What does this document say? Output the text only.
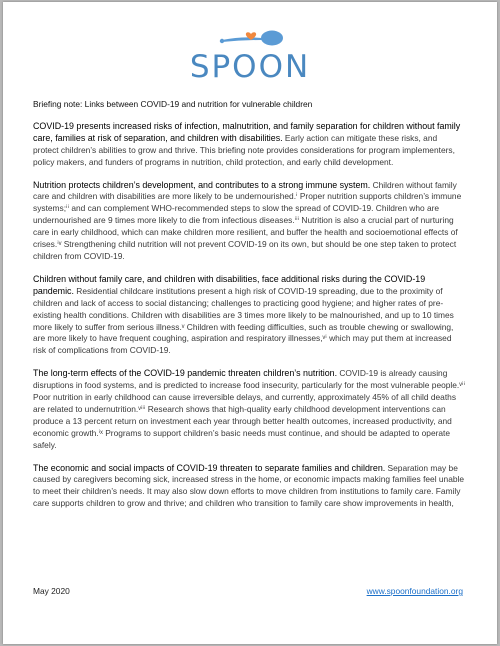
SPOON
Briefing note: Links between COVID-19 and nutrition for vulnerable children
COVID-19 presents increased risks of infection, malnutrition, and family separation for children without family care, families at risk of separation, and children with disabilities. Early action can mitigate these risks, and protect children’s abilities to grow and thrive. This briefing note provides considerations for program implementers, policy makers, and funders of programs in nutrition, child protection, and early child development.
Nutrition protects children’s development, and contributes to a strong immune system. Children without family care and children with disabilities are more likely to be undernourished.ⁱ Proper nutrition supports children’s immune systems;ⁱⁱ and can complement WHO-recommended steps to slow the spread of COVID-19. Children who are undernourished are 9 times more likely to die from infectious diseases.ⁱⁱⁱ Nutrition is also a crucial part of nurturing care in early childhood, which can make children more resilient, and buffer the health and socioemotional effects of crises.ⁱᵛ Strengthening child nutrition will not prevent COVID-19 on its own, but should be one step taken to protect children from COVID-19.
Children without family care, and children with disabilities, face additional risks during the COVID-19 pandemic. Residential childcare institutions present a high risk of COVID-19 spreading, due to the proximity of children and lack of access to social distancing; challenges to practicing good hygiene; and higher rates of pre-existing health conditions. Children with disabilities are 3 times more likely to be malnourished, and up to 10 times more likely to suffer from serious illness.ᵛ Children with feeding difficulties, such as trouble chewing or swallowing, are more likely to have frequent coughing, aspiration and respiratory illnesses,ᵛⁱ which may put them at increased risk of complications from COVID-19.
The long-term effects of the COVID-19 pandemic threaten children’s nutrition. COVID-19 is already causing disruptions in food systems, and is predicted to increase food insecurity, particularly for the most vulnerable people.ᵛⁱⁱ Poor nutrition in early childhood can cause irreversible delays, and currently, approximately 45% of all child deaths are related to undernutrition.ᵛⁱⁱⁱ Research shows that high-quality early childhood development interventions can produce a 13 percent return on investment each year through better health outcomes, increased productivity, and economic growth.ⁱˣ Programs to support children’s basic needs must continue, and should be adapted to operate safely.
The economic and social impacts of COVID-19 threaten to separate families and children. Separation may be caused by caregivers becoming sick, increased stress in the home, or economic impacts making families feel unable to meet their children’s needs. It may also slow down efforts to move children from institutions to family care. Family care supports children to grow and thrive; and children who transition to family care show improvements in health,
May 2020	www.spoonfoundation.org
